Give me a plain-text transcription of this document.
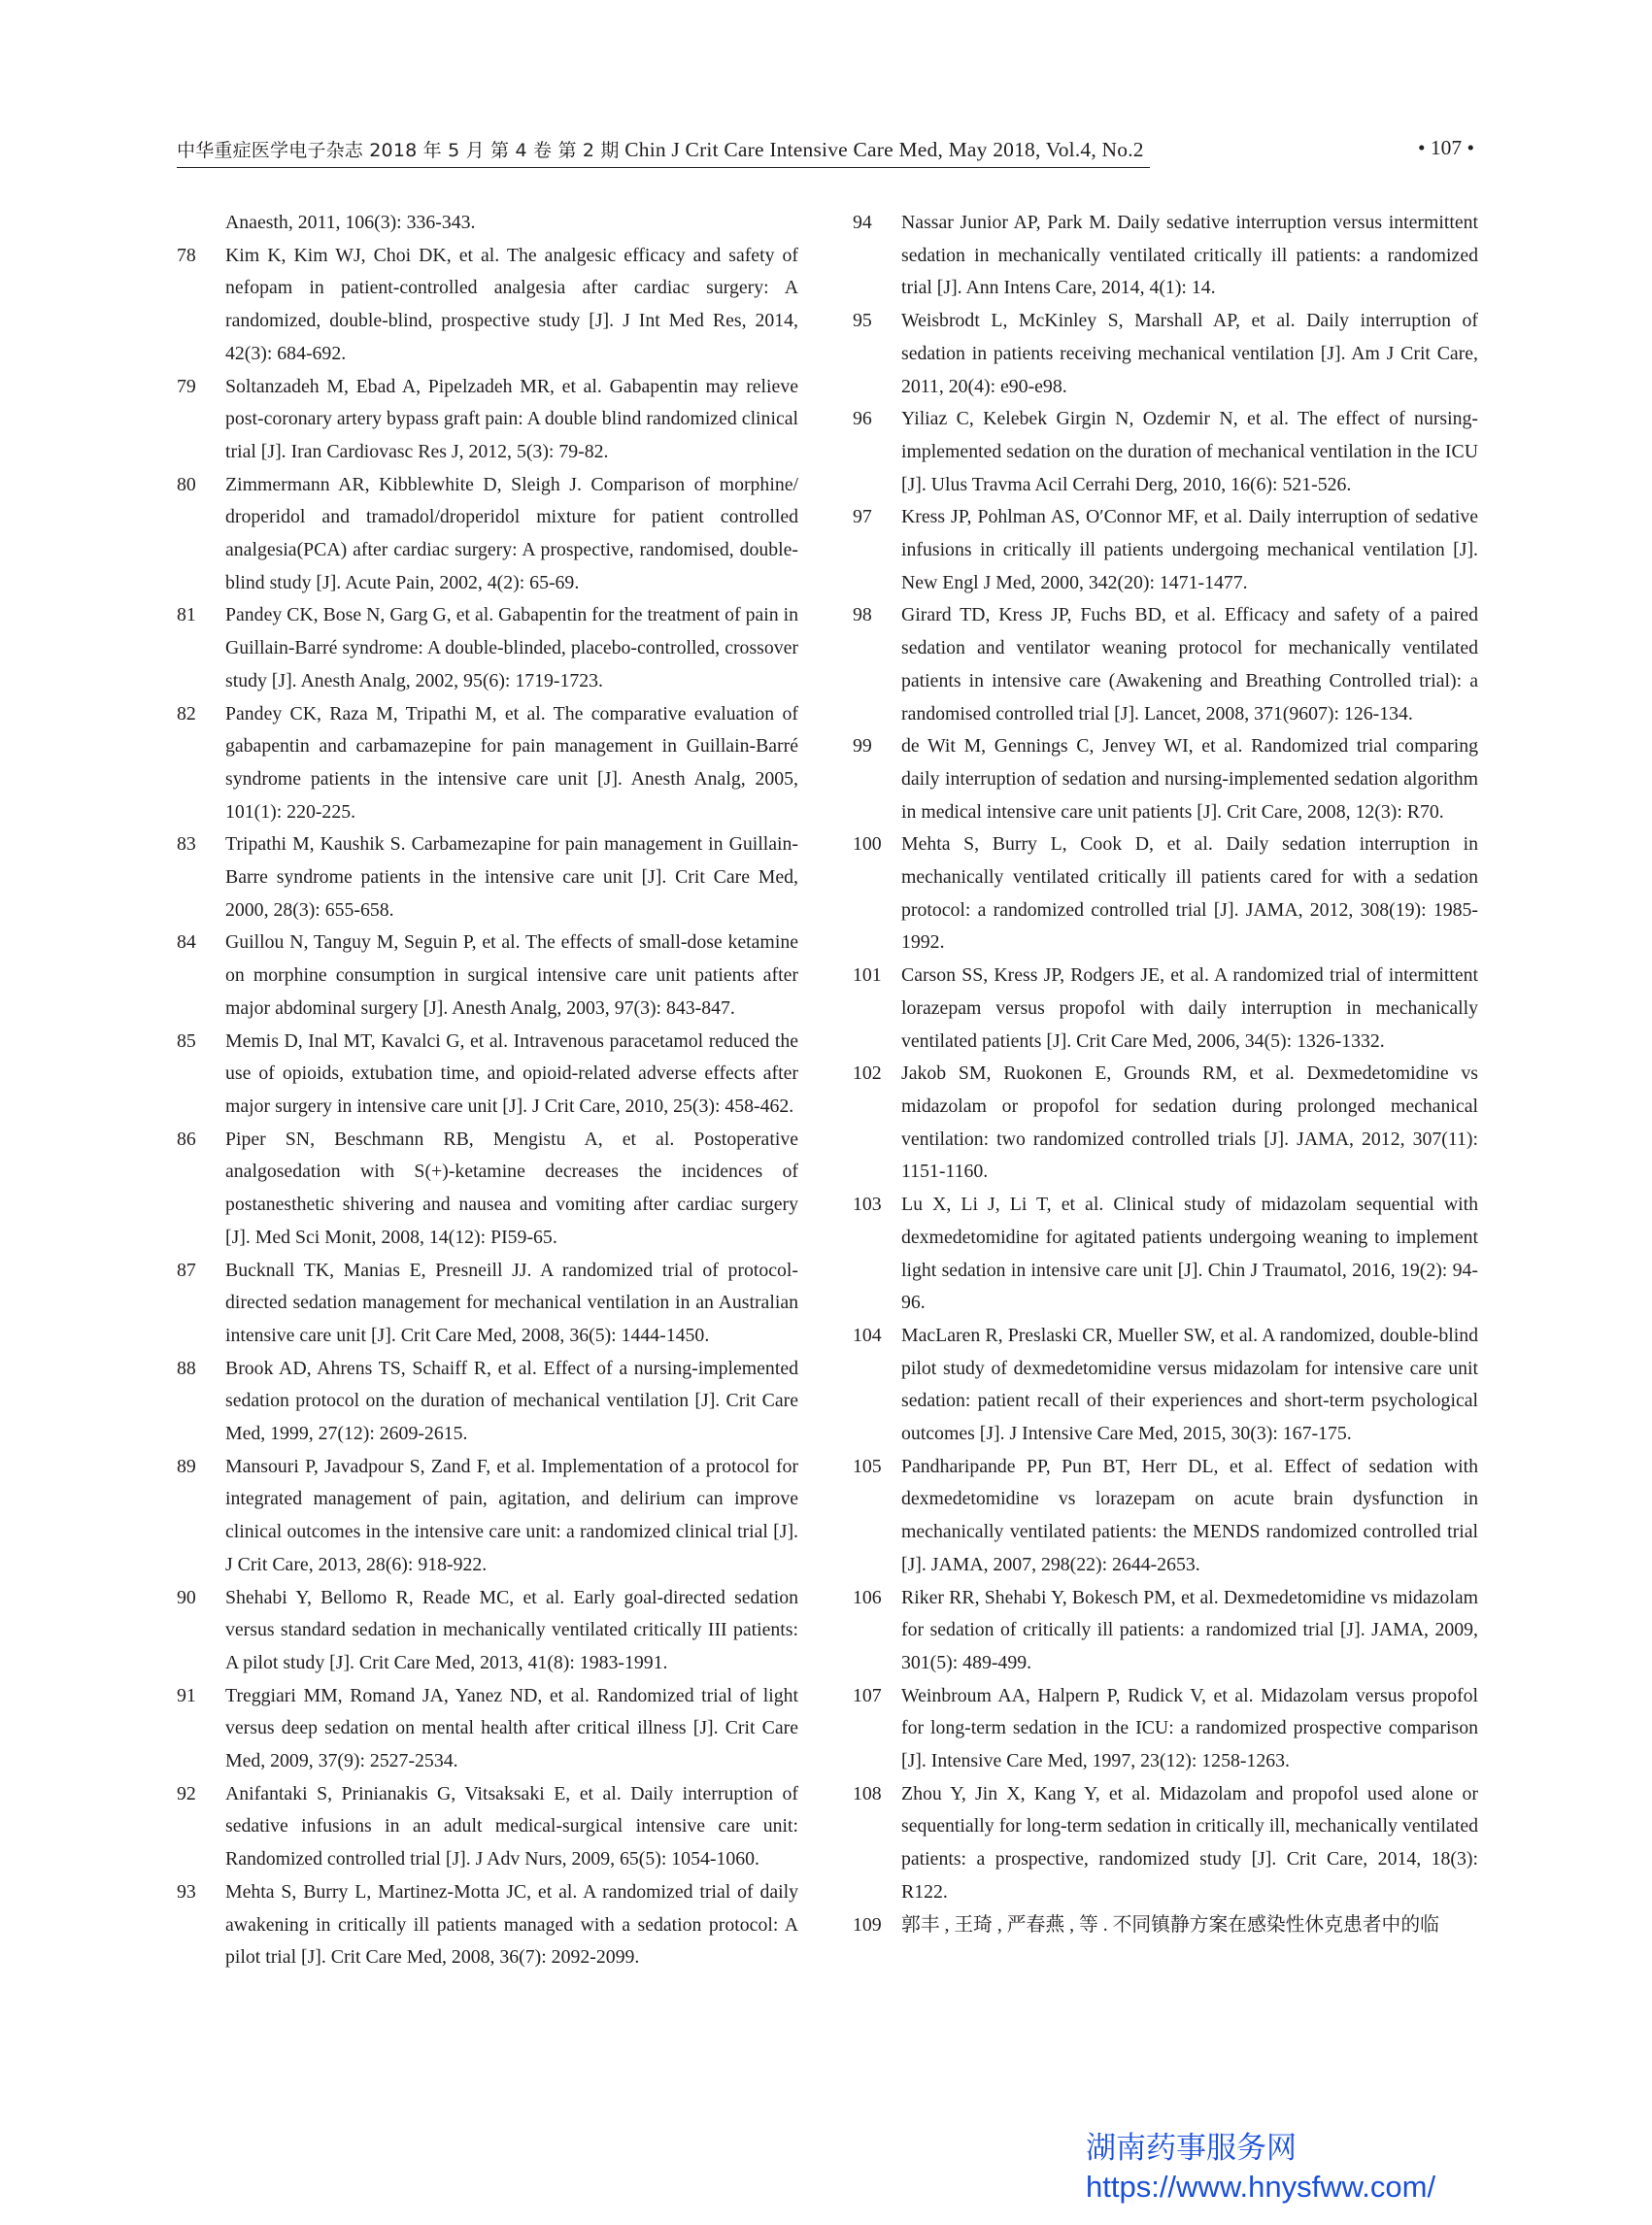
中华重症医学电子杂志 2018 年 5 月 第 4 卷 第 2 期 Chin J Crit Care Intensive Care Med, May 2018, Vol.4, No.2	• 107 •
Anaesth, 2011, 106(3): 336-343.
78 Kim K, Kim WJ, Choi DK, et al. The analgesic efficacy and safety of nefopam in patient-controlled analgesia after cardiac surgery: A randomized, double-blind, prospective study [J]. J Int Med Res, 2014, 42(3): 684-692.
79 Soltanzadeh M, Ebad A, Pipelzadeh MR, et al. Gabapentin may relieve post-coronary artery bypass graft pain: A double blind randomized clinical trial [J]. Iran Cardiovasc Res J, 2012, 5(3): 79-82.
80 Zimmermann AR, Kibblewhite D, Sleigh J. Comparison of morphine/ droperidol and tramadol/droperidol mixture for patient controlled analgesia(PCA) after cardiac surgery: A prospective, randomised, double-blind study [J]. Acute Pain, 2002, 4(2): 65-69.
81 Pandey CK, Bose N, Garg G, et al. Gabapentin for the treatment of pain in Guillain-Barré syndrome: A double-blinded, placebo-controlled, crossover study [J]. Anesth Analg, 2002, 95(6): 1719-1723.
82 Pandey CK, Raza M, Tripathi M, et al. The comparative evaluation of gabapentin and carbamazepine for pain management in Guillain-Barré syndrome patients in the intensive care unit [J]. Anesth Analg, 2005, 101(1): 220-225.
83 Tripathi M, Kaushik S. Carbamezapine for pain management in Guillain-Barre syndrome patients in the intensive care unit [J]. Crit Care Med, 2000, 28(3): 655-658.
84 Guillou N, Tanguy M, Seguin P, et al. The effects of small-dose ketamine on morphine consumption in surgical intensive care unit patients after major abdominal surgery [J]. Anesth Analg, 2003, 97(3): 843-847.
85 Memis D, Inal MT, Kavalci G, et al. Intravenous paracetamol reduced the use of opioids, extubation time, and opioid-related adverse effects after major surgery in intensive care unit [J]. J Crit Care, 2010, 25(3): 458-462.
86 Piper SN, Beschmann RB, Mengistu A, et al. Postoperative analgosedation with S(+)-ketamine decreases the incidences of postanesthetic shivering and nausea and vomiting after cardiac surgery [J]. Med Sci Monit, 2008, 14(12): PI59-65.
87 Bucknall TK, Manias E, Presneill JJ. A randomized trial of protocol-directed sedation management for mechanical ventilation in an Australian intensive care unit [J]. Crit Care Med, 2008, 36(5): 1444-1450.
88 Brook AD, Ahrens TS, Schaiff R, et al. Effect of a nursing-implemented sedation protocol on the duration of mechanical ventilation [J]. Crit Care Med, 1999, 27(12): 2609-2615.
89 Mansouri P, Javadpour S, Zand F, et al. Implementation of a protocol for integrated management of pain, agitation, and delirium can improve clinical outcomes in the intensive care unit: a randomized clinical trial [J]. J Crit Care, 2013, 28(6): 918-922.
90 Shehabi Y, Bellomo R, Reade MC, et al. Early goal-directed sedation versus standard sedation in mechanically ventilated critically III patients: A pilot study [J]. Crit Care Med, 2013, 41(8): 1983-1991.
91 Treggiari MM, Romand JA, Yanez ND, et al. Randomized trial of light versus deep sedation on mental health after critical illness [J]. Crit Care Med, 2009, 37(9): 2527-2534.
92 Anifantaki S, Prinianakis G, Vitsaksaki E, et al. Daily interruption of sedative infusions in an adult medical-surgical intensive care unit: Randomized controlled trial [J]. J Adv Nurs, 2009, 65(5): 1054-1060.
93 Mehta S, Burry L, Martinez-Motta JC, et al. A randomized trial of daily awakening in critically ill patients managed with a sedation protocol: A pilot trial [J]. Crit Care Med, 2008, 36(7): 2092-2099.
94 Nassar Junior AP, Park M. Daily sedative interruption versus intermittent sedation in mechanically ventilated critically ill patients: a randomized trial [J]. Ann Intens Care, 2014, 4(1): 14.
95 Weisbrodt L, McKinley S, Marshall AP, et al. Daily interruption of sedation in patients receiving mechanical ventilation [J]. Am J Crit Care, 2011, 20(4): e90-e98.
96 Yiliaz C, Kelebek Girgin N, Ozdemir N, et al. The effect of nursing-implemented sedation on the duration of mechanical ventilation in the ICU [J]. Ulus Travma Acil Cerrahi Derg, 2010, 16(6): 521-526.
97 Kress JP, Pohlman AS, O′Connor MF, et al. Daily interruption of sedative infusions in critically ill patients undergoing mechanical ventilation [J]. New Engl J Med, 2000, 342(20): 1471-1477.
98 Girard TD, Kress JP, Fuchs BD, et al. Efficacy and safety of a paired sedation and ventilator weaning protocol for mechanically ventilated patients in intensive care (Awakening and Breathing Controlled trial): a randomised controlled trial [J]. Lancet, 2008, 371(9607): 126-134.
99 de Wit M, Gennings C, Jenvey WI, et al. Randomized trial comparing daily interruption of sedation and nursing-implemented sedation algorithm in medical intensive care unit patients [J]. Crit Care, 2008, 12(3): R70.
100 Mehta S, Burry L, Cook D, et al. Daily sedation interruption in mechanically ventilated critically ill patients cared for with a sedation protocol: a randomized controlled trial [J]. JAMA, 2012, 308(19): 1985-1992.
101 Carson SS, Kress JP, Rodgers JE, et al. A randomized trial of intermittent lorazepam versus propofol with daily interruption in mechanically ventilated patients [J]. Crit Care Med, 2006, 34(5): 1326-1332.
102 Jakob SM, Ruokonen E, Grounds RM, et al. Dexmedetomidine vs midazolam or propofol for sedation during prolonged mechanical ventilation: two randomized controlled trials [J]. JAMA, 2012, 307(11): 1151-1160.
103 Lu X, Li J, Li T, et al. Clinical study of midazolam sequential with dexmedetomidine for agitated patients undergoing weaning to implement light sedation in intensive care unit [J]. Chin J Traumatol, 2016, 19(2): 94-96.
104 MacLaren R, Preslaski CR, Mueller SW, et al. A randomized, double-blind pilot study of dexmedetomidine versus midazolam for intensive care unit sedation: patient recall of their experiences and short-term psychological outcomes [J]. J Intensive Care Med, 2015, 30(3): 167-175.
105 Pandharipande PP, Pun BT, Herr DL, et al. Effect of sedation with dexmedetomidine vs lorazepam on acute brain dysfunction in mechanically ventilated patients: the MENDS randomized controlled trial [J]. JAMA, 2007, 298(22): 2644-2653.
106 Riker RR, Shehabi Y, Bokesch PM, et al. Dexmedetomidine vs midazolam for sedation of critically ill patients: a randomized trial [J]. JAMA, 2009, 301(5): 489-499.
107 Weinbroum AA, Halpern P, Rudick V, et al. Midazolam versus propofol for long-term sedation in the ICU: a randomized prospective comparison [J]. Intensive Care Med, 1997, 23(12): 1258-1263.
108 Zhou Y, Jin X, Kang Y, et al. Midazolam and propofol used alone or sequentially for long-term sedation in critically ill, mechanically ventilated patients: a prospective, randomized study [J]. Crit Care, 2014, 18(3): R122.
109 郭丰 , 王琦 , 严春燕 , 等 . 不同镇静方案在感染性休克患者中的临
湖南药事服务网
https://www.hnysfww.com/
